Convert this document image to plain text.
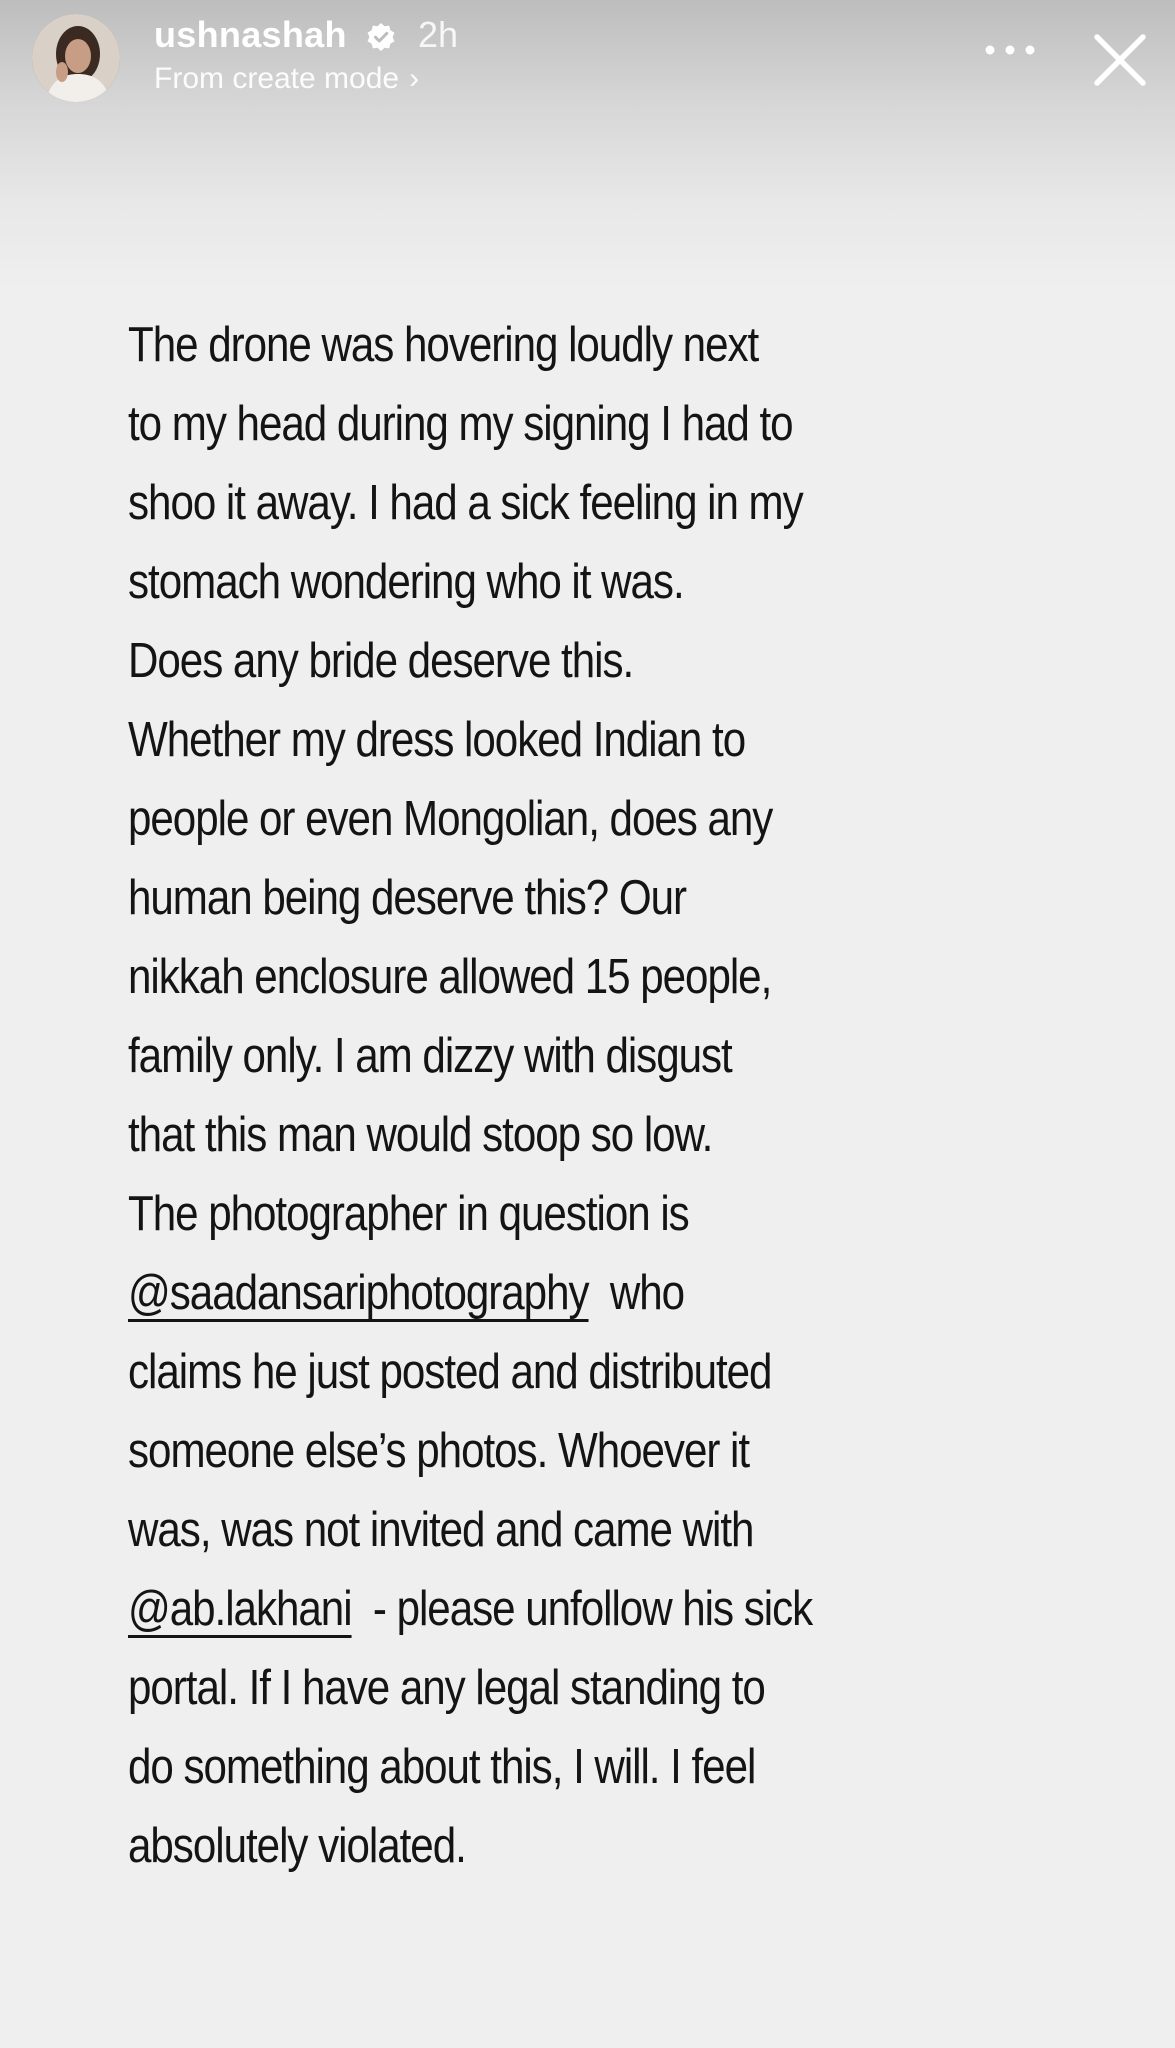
ushnashah 2h
From create mode ›
The drone was hovering loudly next
to my head during my signing I had to
shoo it away. I had a sick feeling in my
stomach wondering who it was.
Does any bride deserve this.
Whether my dress looked Indian to
people or even Mongolian, does any
human being deserve this? Our
nikkah enclosure allowed 15 people,
family only. I am dizzy with disgust
that this man would stoop so low.
The photographer in question is
@saadansariphotography  who
claims he just posted and distributed
someone else’s photos. Whoever it
was, was not invited and came with
@ab.lakhani  - please unfollow his sick
portal. If I have any legal standing to
do something about this, I will. I feel
absolutely violated.
